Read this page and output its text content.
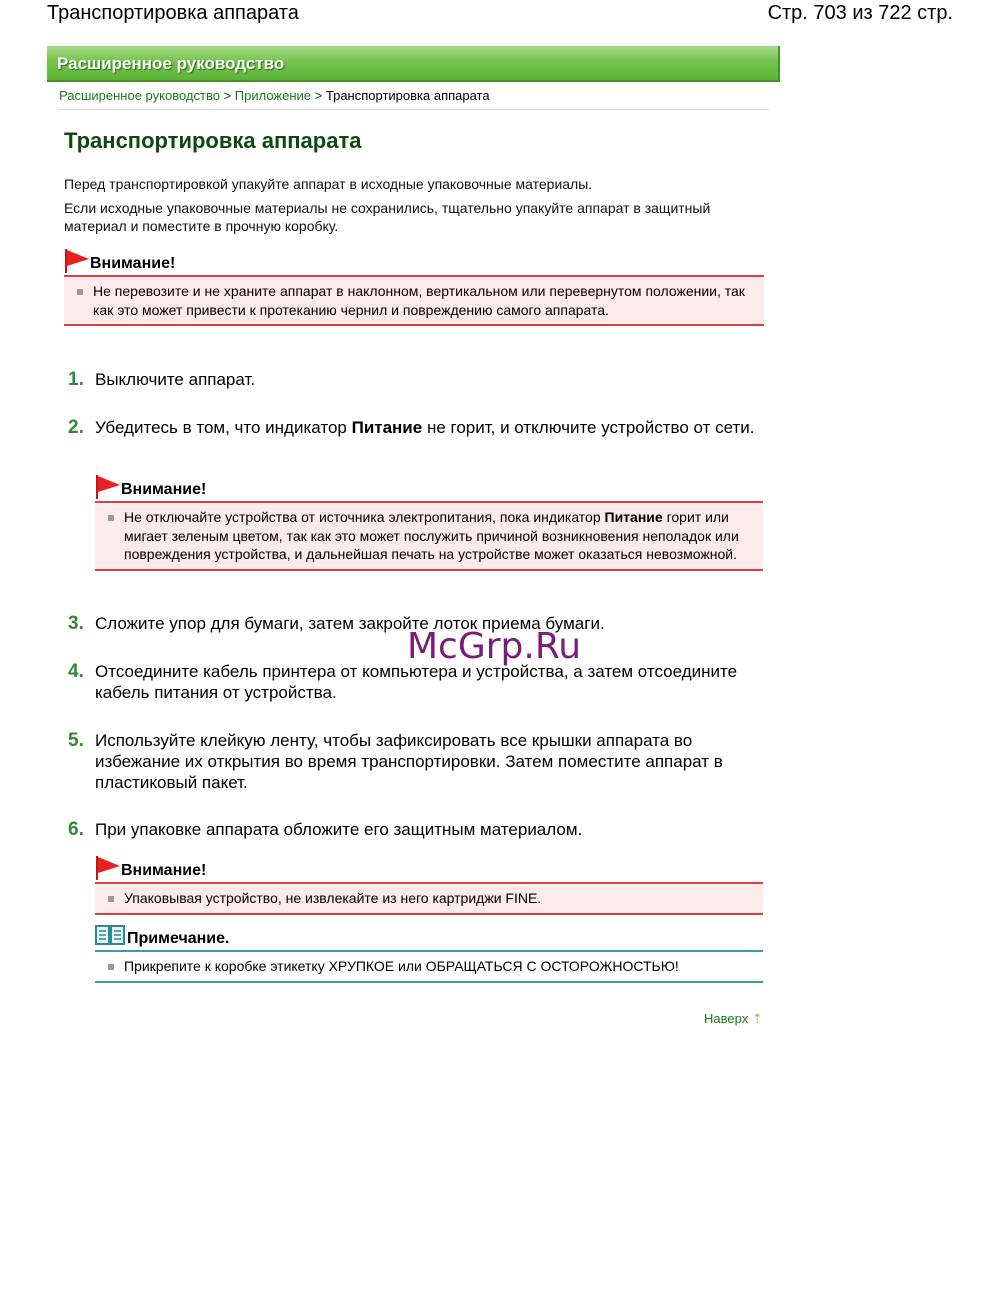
Транспортировка аппарата	Стр. 703 из 722 стр.
Расширенное руководство
Расширенное руководство > Приложение > Транспортировка аппарата
Транспортировка аппарата

Перед транспортировкой упакуйте аппарат в исходные упаковочные материалы.

Если исходные упаковочные материалы не сохранились, тщательно упакуйте аппарат в защитный материал и поместите в прочную коробку.

Внимание!
Не перевозите и не храните аппарат в наклонном, вертикальном или перевернутом положении, так как это может привести к протеканию чернил и повреждению самого аппарата.
1. Выключите аппарат.
2. Убедитесь в том, что индикатор Питание не горит, и отключите устройство от сети.
Внимание!
Не отключайте устройства от источника электропитания, пока индикатор Питание горит или мигает зеленым цветом, так как это может послужить причиной возникновения неполадок или повреждения устройства, и дальнейшая печать на устройстве может оказаться невозможной.
3. Сложите упор для бумаги, затем закройте лоток приема бумаги.
4. Отсоедините кабель принтера от компьютера и устройства, а затем отсоедините кабель питания от устройства.
5. Используйте клейкую ленту, чтобы зафиксировать все крышки аппарата во избежание их открытия во время транспортировки. Затем поместите аппарат в пластиковый пакет.
6. При упаковке аппарата обложите его защитным материалом.
Внимание!
Упаковывая устройство, не извлекайте из него картриджи FINE.
Примечание.
Прикрепите к коробке этикетку ХРУПКОЕ или ОБРАЩАТЬСЯ С ОСТОРОЖНОСТЬЮ!
Наверх ⇡
McGrp.Ru
